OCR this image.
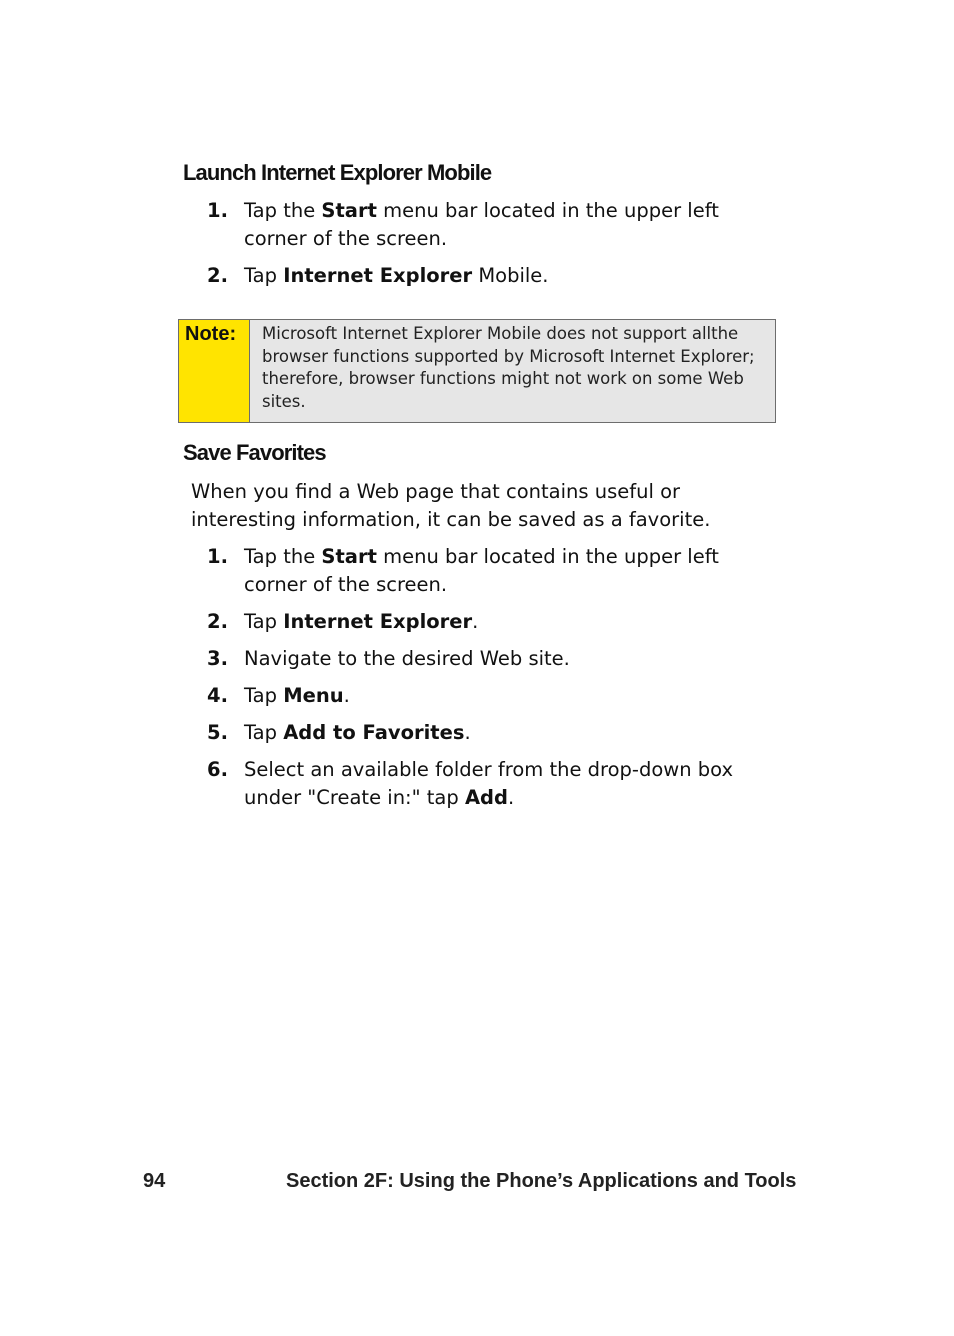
Launch Internet Explorer Mobile
1. Tap the Start menu bar located in the upper left corner of the screen.
2. Tap Internet Explorer Mobile.
Note:	Microsoft Internet Explorer Mobile does not support allthe browser functions supported by Microsoft Internet Explorer; therefore, browser functions might not work on some Web sites.
Save Favorites
When you find a Web page that contains useful or interesting information, it can be saved as a favorite.
1. Tap the Start menu bar located in the upper left corner of the screen.
2. Tap Internet Explorer.
3. Navigate to the desired Web site.
4. Tap Menu.
5. Tap Add to Favorites.
6. Select an available folder from the drop-down box under "Create in:" tap Add.
94	Section 2F: Using the Phone’s Applications and Tools
